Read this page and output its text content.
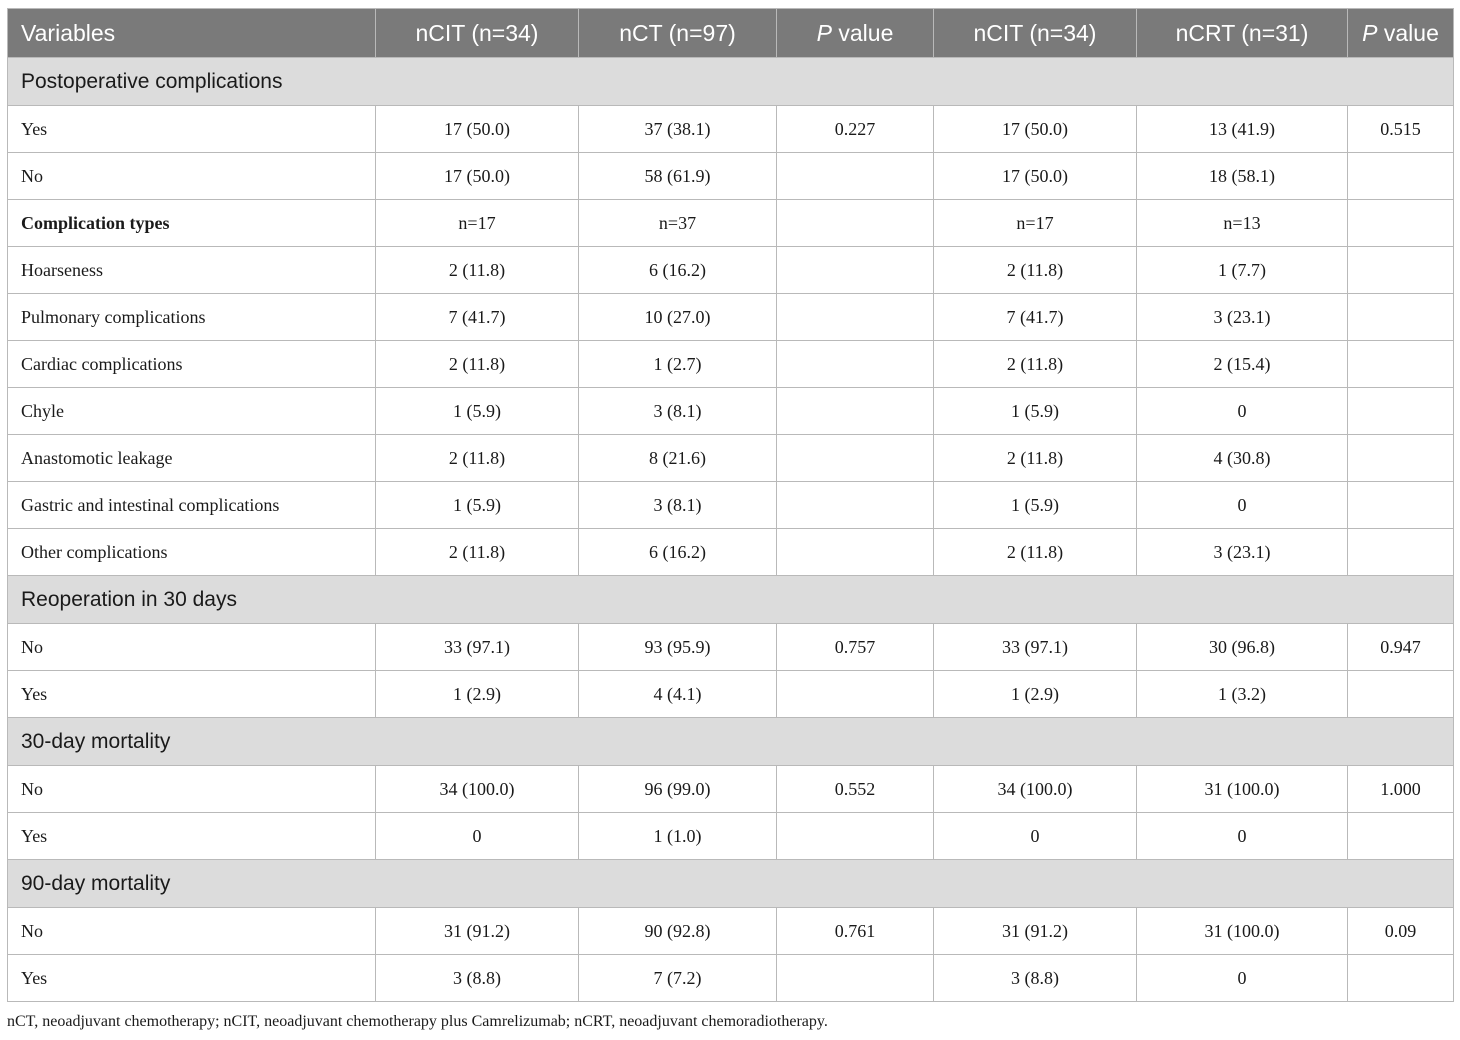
Variables	nCIT (n=34)	nCT (n=97)	P value	nCIT (n=34)	nCRT (n=31)	P value
Postoperative complications						
Yes	17 (50.0)	37 (38.1)	0.227	17 (50.0)	13 (41.9)	0.515
No	17 (50.0)	58 (61.9)		17 (50.0)	18 (58.1)	
Complication types	n=17	n=37		n=17	n=13	
Hoarseness	2 (11.8)	6 (16.2)		2 (11.8)	1 (7.7)	
Pulmonary complications	7 (41.7)	10 (27.0)		7 (41.7)	3 (23.1)	
Cardiac complications	2 (11.8)	1 (2.7)		2 (11.8)	2 (15.4)	
Chyle	1 (5.9)	3 (8.1)		1 (5.9)	0	
Anastomotic leakage	2 (11.8)	8 (21.6)		2 (11.8)	4 (30.8)	
Gastric and intestinal complications	1 (5.9)	3 (8.1)		1 (5.9)	0	
Other complications	2 (11.8)	6 (16.2)		2 (11.8)	3 (23.1)	
Reoperation in 30 days						
No	33 (97.1)	93 (95.9)	0.757	33 (97.1)	30 (96.8)	0.947
Yes	1 (2.9)	4 (4.1)		1 (2.9)	1 (3.2)	
30-day mortality						
No	34 (100.0)	96 (99.0)	0.552	34 (100.0)	31 (100.0)	1.000
Yes	0	1 (1.0)		0	0	
90-day mortality						
No	31 (91.2)	90 (92.8)	0.761	31 (91.2)	31 (100.0)	0.09
Yes	3 (8.8)	7 (7.2)		3 (8.8)	0	
nCT, neoadjuvant chemotherapy; nCIT, neoadjuvant chemotherapy plus Camrelizumab; nCRT, neoadjuvant chemoradiotherapy.
